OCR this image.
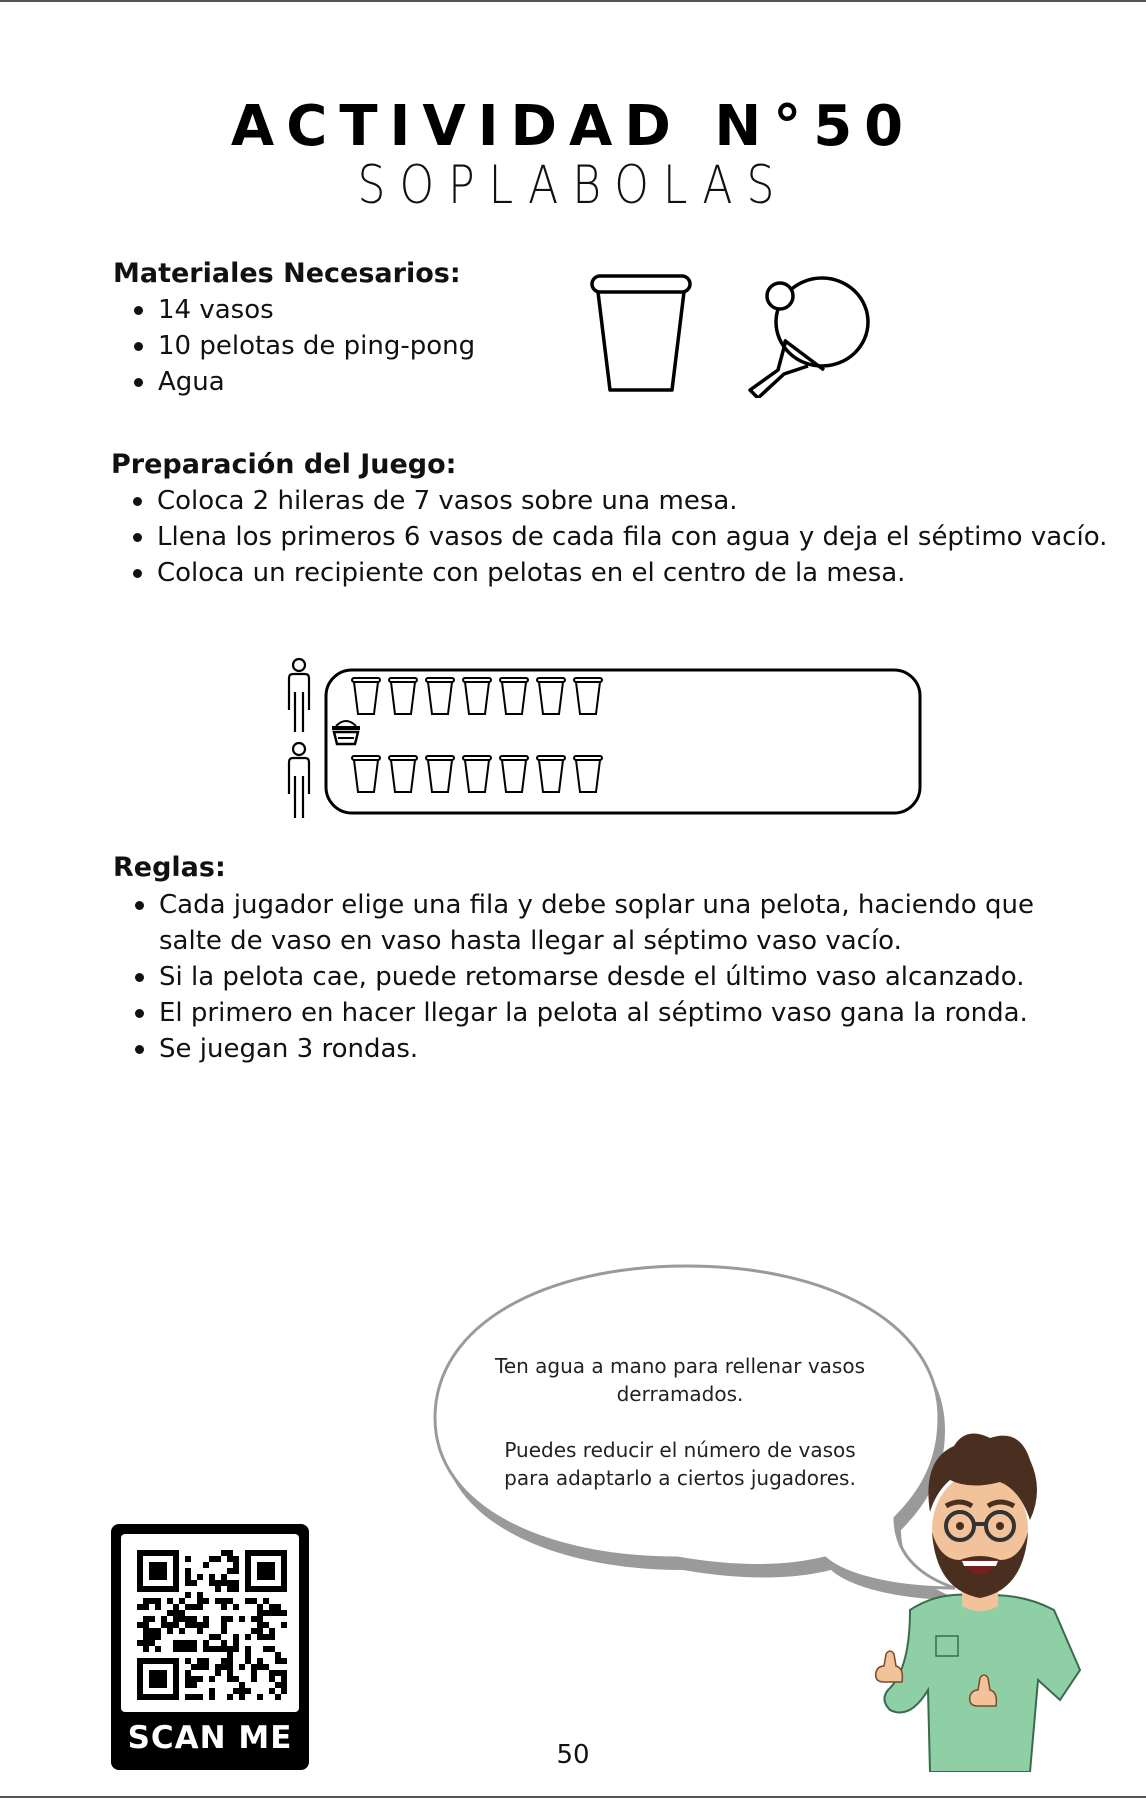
ACTIVIDAD N°50
SOPLABOLAS
Materiales Necesarios:
14 vasos
10 pelotas de ping-pong
Agua
Preparación del Juego:
Coloca 2 hileras de 7 vasos sobre una mesa.
Llena los primeros 6 vasos de cada fila con agua y deja el séptimo vacío.
Coloca un recipiente con pelotas en el centro de la mesa.
Reglas:
Cada jugador elige una fila y debe soplar una pelota, haciendo que salte de vaso en vaso hasta llegar al séptimo vaso vacío.
Si la pelota cae, puede retomarse desde el último vaso alcanzado.
El primero en hacer llegar la pelota al séptimo vaso gana la ronda.
Se juegan 3 rondas.

Ten agua a mano para rellenar vasos derramados.

Puedes reducir el número de vasos para adaptarlo a ciertos jugadores.

SCAN ME	50
